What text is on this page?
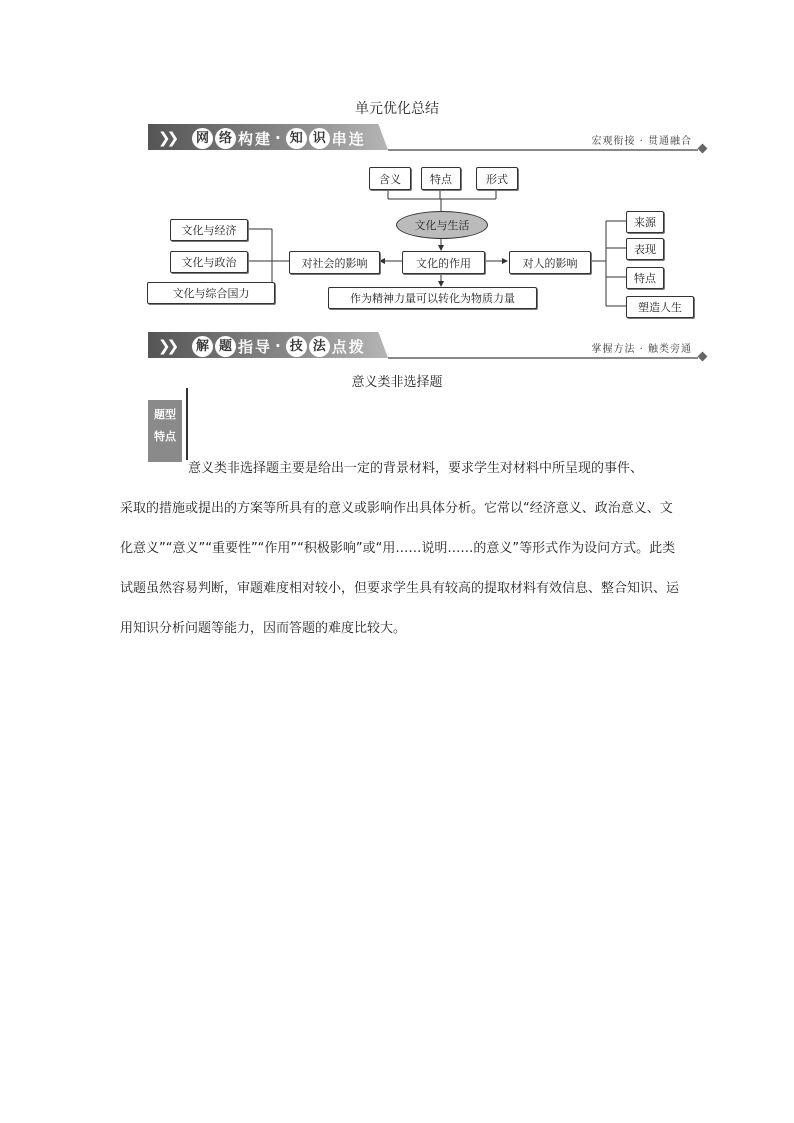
单元优化总结
❯❯	网 络 构 建 · 知 识 串 连	宏观衔接 · 贯通融合
含义	特点	形式
文化与生活
文化的作用
对社会的影响	对人的影响
作为精神力量可以转化为物质力量
文化与经济
文化与政治
文化与综合国力
来源
表现
特点
塑造人生
❯❯	解 题 指 导 · 技 法 点 拨	掌握方法 · 触类旁通
意义类非选择题
题型
特点
意义类非选择题主要是给出一定的背景材料，要求学生对材料中所呈现的事件、
采取的措施或提出的方案等所具有的意义或影响作出具体分析。它常以“经济意义、政治意义、文化意义”“意义”“重要性”“作用”“积极影响”或“用……说明……的意义”等形式作为设问方式。此类试题虽然容易判断，审题难度相对较小，但要求学生具有较高的提取材料有效信息、整合知识、运用知识分析问题等能力，因而答题的难度比较大。
